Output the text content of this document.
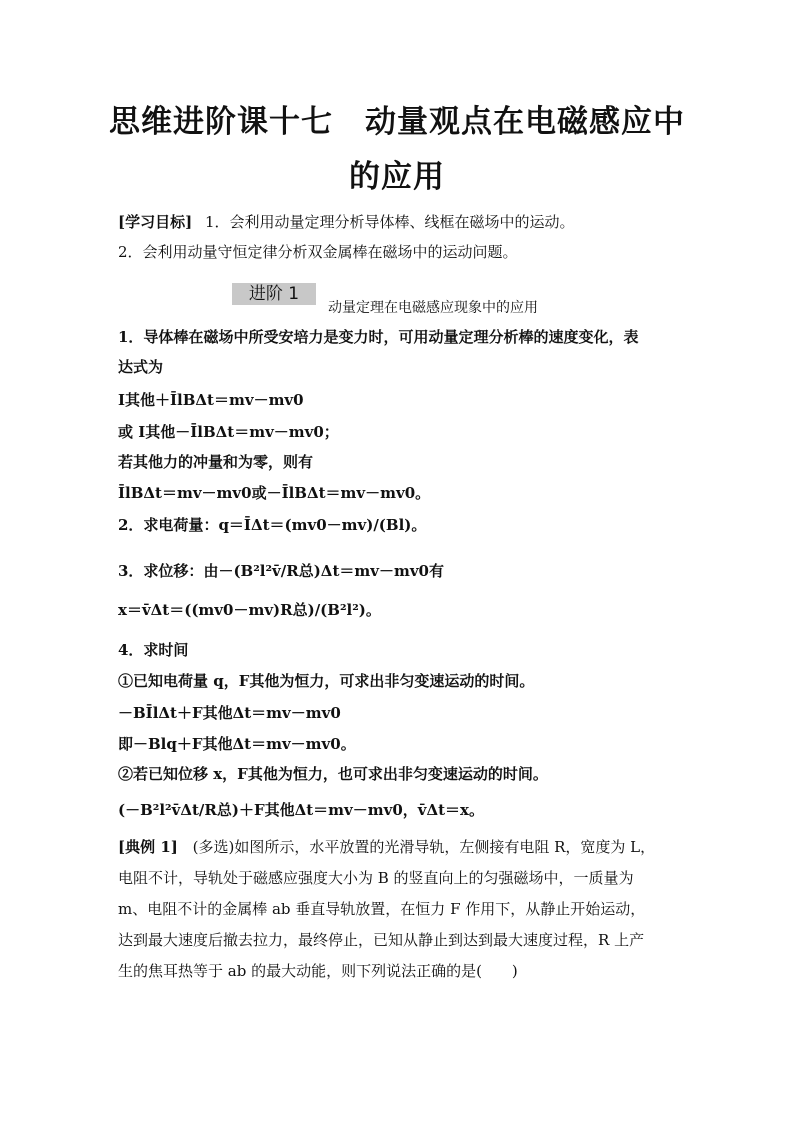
思维进阶课十七　动量观点在电磁感应中
的应用
[学习目标] 1．会利用动量定理分析导体棒、线框在磁场中的运动。
2．会利用动量守恒定律分析双金属棒在磁场中的运动问题。
进阶 1
动量定理在电磁感应现象中的应用
1．导体棒在磁场中所受安培力是变力时，可用动量定理分析棒的速度变化，表
达式为
I其他＋ĪlBΔt＝mv－mv0
或 I其他－ĪlBΔt＝mv－mv0；
若其他力的冲量和为零，则有
ĪlBΔt＝mv－mv0或－ĪlBΔt＝mv－mv0。
2．求电荷量：q＝ĪΔt＝(mv0－mv)/(Bl)。
3．求位移：由－(B²l²v̄/R总)Δt＝mv－mv0有
x＝v̄Δt＝((mv0－mv)R总)/(B²l²)。
4．求时间
①已知电荷量 q，F其他为恒力，可求出非匀变速运动的时间。
－BĪlΔt＋F其他Δt＝mv－mv0
即－Blq＋F其他Δt＝mv－mv0。
②若已知位移 x，F其他为恒力，也可求出非匀变速运动的时间。
(－B²l²v̄Δt/R总)＋F其他Δt＝mv－mv0，v̄Δt＝x。
[典例 1] (多选)如图所示，水平放置的光滑导轨，左侧接有电阻 R，宽度为 L，
电阻不计，导轨处于磁感应强度大小为 B 的竖直向上的匀强磁场中，一质量为
m、电阻不计的金属棒 ab 垂直导轨放置，在恒力 F 作用下，从静止开始运动，
达到最大速度后撤去拉力，最终停止，已知从静止到达到最大速度过程，R 上产
生的焦耳热等于 ab 的最大动能，则下列说法正确的是(　　)
